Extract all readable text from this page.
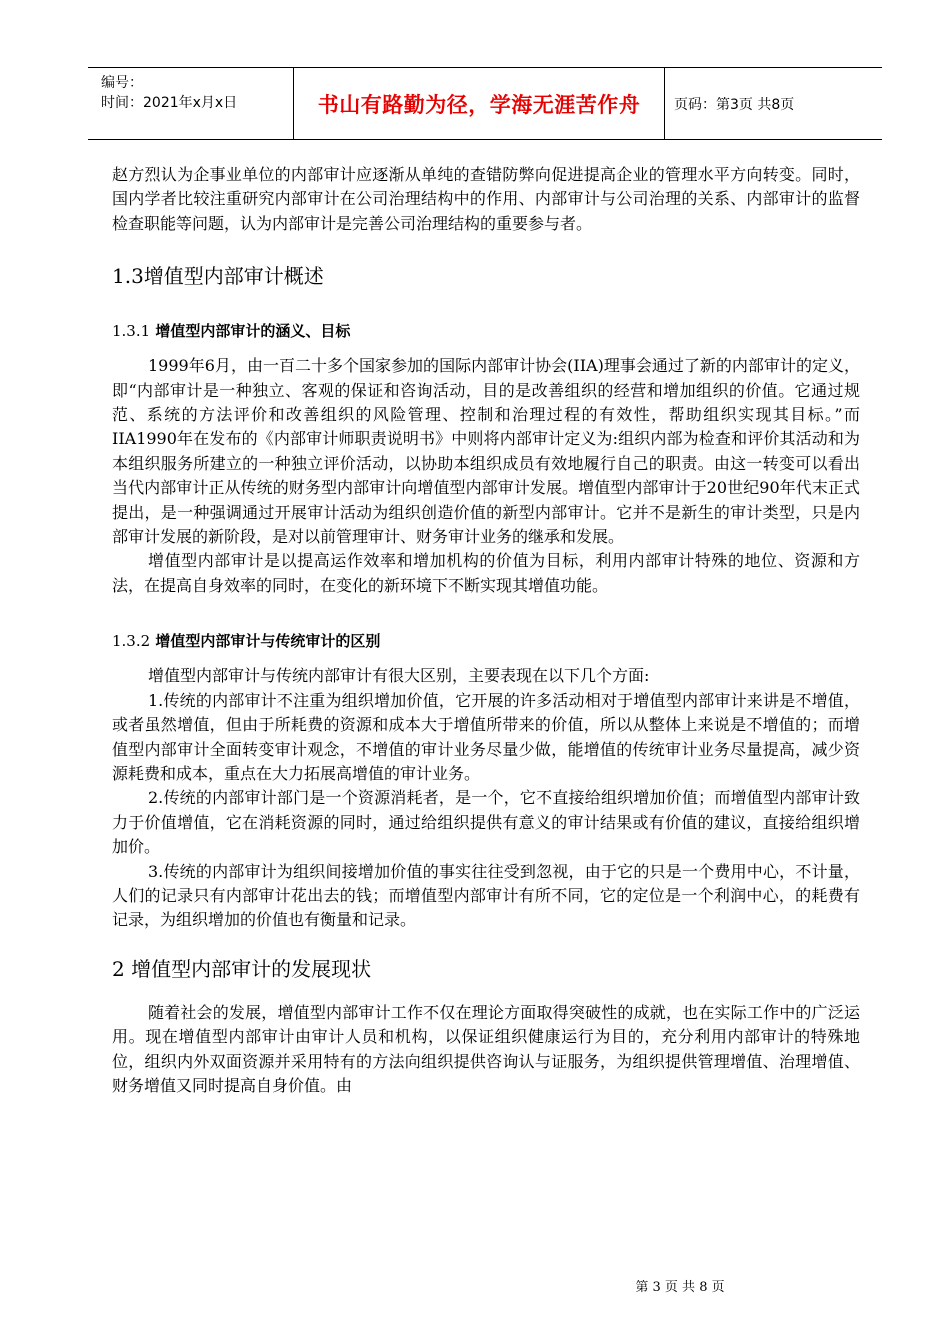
编号：
时间：2021年x月x日	书山有路勤为径，学海无涯苦作舟	页码：第3页 共8页

赵方烈认为企事业单位的内部审计应逐渐从单纯的查错防弊向促进提高企业的管理水平方向转变。同时，国内学者比较注重研究内部审计在公司治理结构中的作用、内部审计与公司治理的关系、内部审计的监督检查职能等问题，认为内部审计是完善公司治理结构的重要参与者。

1.3增值型内部审计概述
1.3.1 增值型内部审计的涵义、目标

1999年6月，由一百二十多个国家参加的国际内部审计协会(IIA)理事会通过了新的内部审计的定义，即“内部审计是一种独立、客观的保证和咨询活动，目的是改善组织的经营和增加组织的价值。它通过规范、系统的方法评价和改善组织的风险管理、控制和治理过程的有效性，帮助组织实现其目标。”而IIA1990年在发布的《内部审计师职责说明书》中则将内部审计定义为:组织内部为检查和评价其活动和为本组织服务所建立的一种独立评价活动，以协助本组织成员有效地履行自己的职责。由这一转变可以看出当代内部审计正从传统的财务型内部审计向增值型内部审计发展。增值型内部审计于20世纪90年代末正式提出，是一种强调通过开展审计活动为组织创造价值的新型内部审计。它并不是新生的审计类型，只是内部审计发展的新阶段，是对以前管理审计、财务审计业务的继承和发展。

增值型内部审计是以提高运作效率和增加机构的价值为目标，利用内部审计特殊的地位、资源和方法，在提高自身效率的同时，在变化的新环境下不断实现其增值功能。

1.3.2 增值型内部审计与传统审计的区别

增值型内部审计与传统内部审计有很大区别，主要表现在以下几个方面:

1.传统的内部审计不注重为组织增加价值，它开展的许多活动相对于增值型内部审计来讲是不增值，或者虽然增值，但由于所耗费的资源和成本大于增值所带来的价值，所以从整体上来说是不增值的；而增值型内部审计全面转变审计观念，不增值的审计业务尽量少做，能增值的传统审计业务尽量提高，减少资源耗费和成本，重点在大力拓展高增值的审计业务。

2.传统的内部审计部门是一个资源消耗者，是一个，它不直接给组织增加价值；而增值型内部审计致力于价值增值，它在消耗资源的同时，通过给组织提供有意义的审计结果或有价值的建议，直接给组织增加价。

3.传统的内部审计为组织间接增加价值的事实往往受到忽视，由于它的只是一个费用中心，不计量，人们的记录只有内部审计花出去的钱；而增值型内部审计有所不同，它的定位是一个利润中心，的耗费有记录，为组织增加的价值也有衡量和记录。

2 增值型内部审计的发展现状

随着社会的发展，增值型内部审计工作不仅在理论方面取得突破性的成就，也在实际工作中的广泛运用。现在增值型内部审计由审计人员和机构，以保证组织健康运行为目的，充分利用内部审计的特殊地位，组织内外双面资源并采用特有的方法向组织提供咨询认与证服务，为组织提供管理增值、治理增值、财务增值又同时提高自身价值。由

第 3 页 共 8 页
